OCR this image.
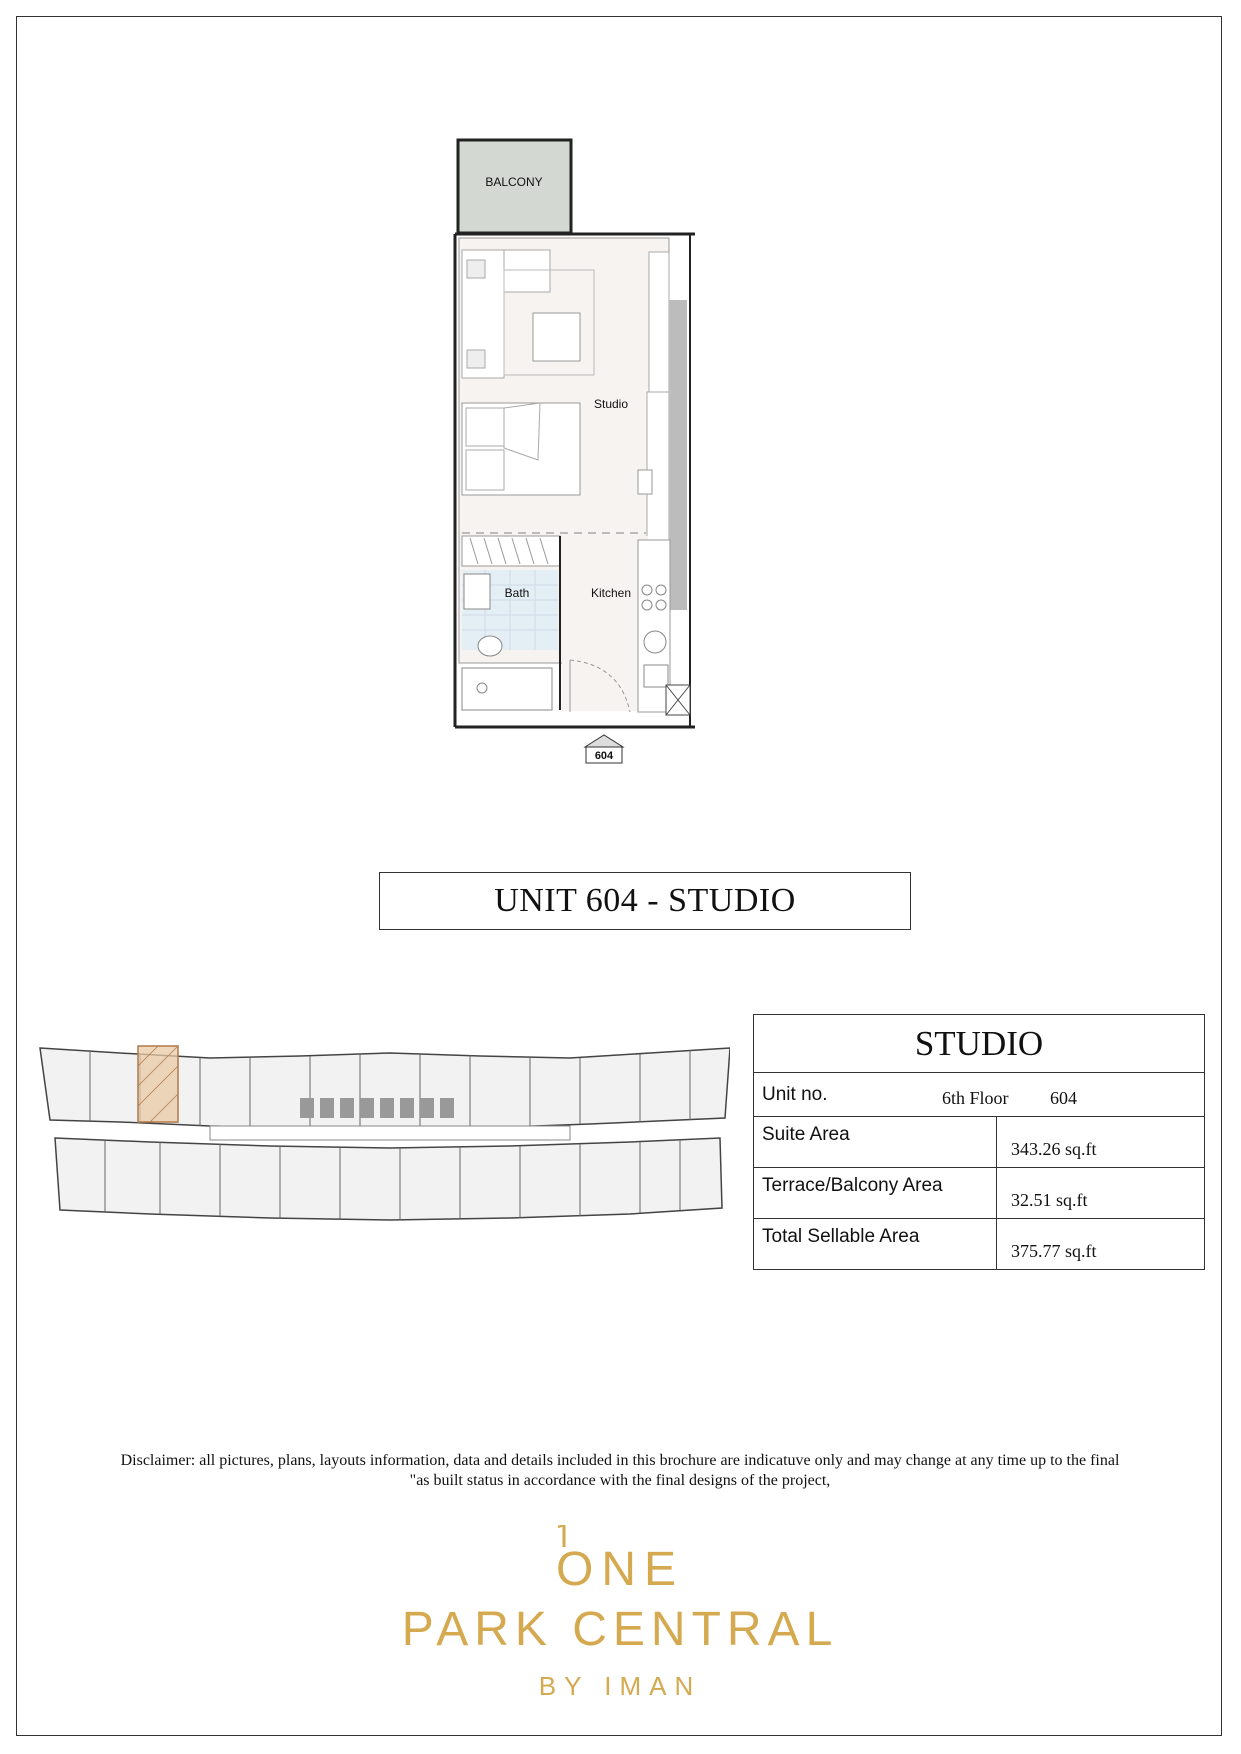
BALCONY
Studio
Bath	Kitchen
604
UNIT 604 - STUDIO
STUDIO	

Unit no. 6th Floor 604	

Suite Area	343.26 sq.ft
Terrace/Balcony Area	32.51 sq.ft
Total Sellable Area	375.77 sq.ft
Disclaimer: all pictures, plans, layouts information, data and details included in this brochure are indicatuve only and may change at any time up to the final
"as built status in accordance with the final designs of the project,
ONE
PARK CENTRAL
BY IMAN
